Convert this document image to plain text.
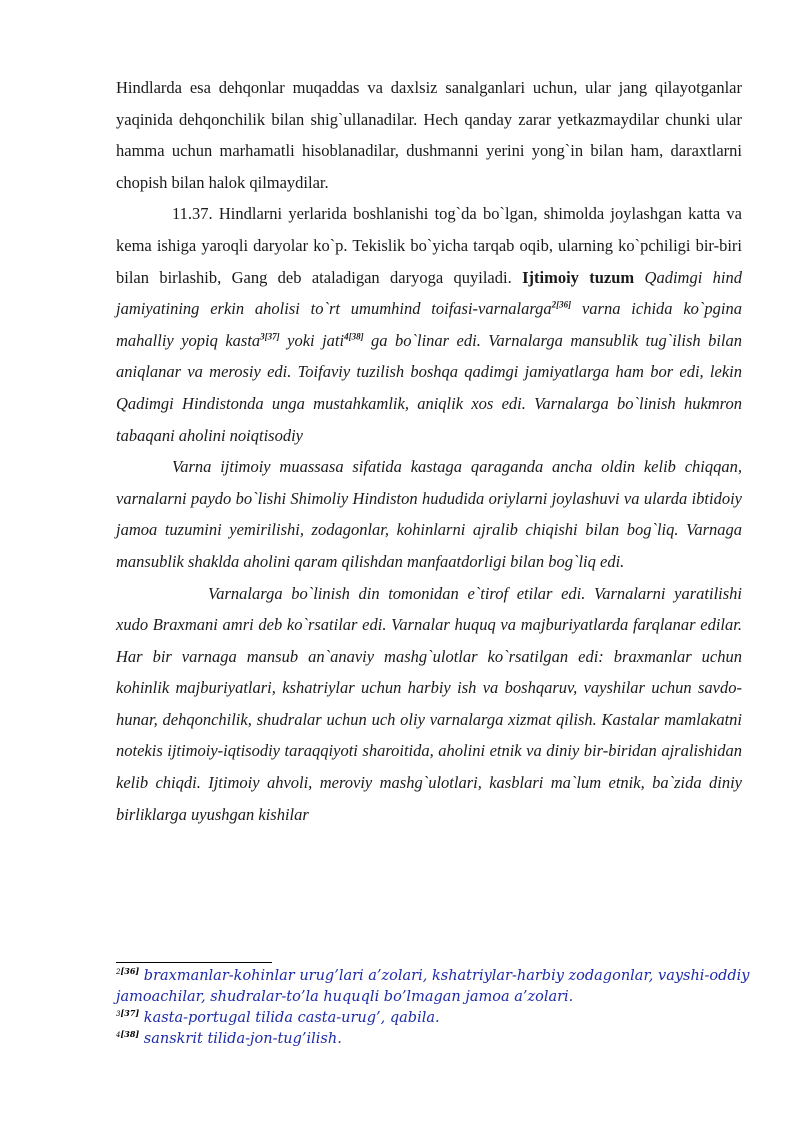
Hindlarda esa dehqonlar muqaddas va daxlsiz sanalganlari uchun, ular jang qilayotganlar yaqinida dehqonchilik bilan shig`ullanadilar. Hech qanday zarar yetkazmaydilar chunki ular hamma uchun marhamatli hisoblanadilar, dushmanni yerini yong`in bilan ham, daraxtlarni chopish bilan halok qilmaydilar.

11.37. Hindlarni yerlarida boshlanishi tog`da bo`lgan, shimolda joylashgan katta va kema ishiga yaroqli daryolar ko`p. Tekislik bo`yicha tarqab oqib, ularning ko`pchiligi bir-biri bilan birlashib, Gang deb ataladigan daryoga quyiladi. Ijtimoiy tuzum Qadimgi hind jamiyatining erkin aholisi to`rt umumhind toifasi-varnalarga$^{2[36]}$ varna ichida ko`pgina mahalliy yopiq kasta$^{3[37]}$ yoki jati$^{4[38]}$ ga bo`linar edi. Varnalarga mansublik tug`ilish bilan aniqlanar va merosiy edi. Toifaviy tuzilish boshqa qadimgi jamiyatlarga ham bor edi, lekin Qadimgi Hindistonda unga mustahkamlik, aniqlik xos edi. Varnalarga bo`linish hukmron tabaqani aholini noiqtisodiy

Varna ijtimoiy muassasa sifatida kastaga qaraganda ancha oldin kelib chiqqan, varnalarni paydo bo`lishi Shimoliy Hindiston hududida oriylarni joylashuvi va ularda ibtidoiy jamoa tuzumini yemirilishi, zodagonlar, kohinlarni ajralib chiqishi bilan bog`liq. Varnaga mansublik shaklda aholini qaram qilishdan manfaatdorligi bilan bog`liq edi.

Varnalarga bo`linish din tomonidan e`tirof etilar edi. Varnalarni yaratilishi xudo Braxmani amri deb ko`rsatilar edi. Varnalar huquq va majburiyatlarda farqlanar edilar. Har bir varnaga mansub an`anaviy mashg`ulotlar ko`rsatilgan edi: braxmanlar uchun kohinlik majburiyatlari, kshatriylar uchun harbiy ish va boshqaruv, vayshilar uchun savdo-hunar, dehqonchilik, shudralar uchun uch oliy varnalarga xizmat qilish. Kastalar mamlakatni notekis ijtimoiy-iqtisodiy taraqqiyoti sharoitida, aholini etnik va diniy bir-biridan ajralishidan kelib chiqdi. Ijtimoiy ahvoli, meroviy mashg`ulotlari, kasblari ma`lum etnik, ba`zida diniy birliklarga uyushgan kishilar

$^{2[36]}$ braxmanlar-kohinlar urug’lari a’zolari, kshatriylar-harbiy zodagonlar, vayshi-oddiy jamoachilar, shudralar-to’la huquqli bo’lmagan jamoa a’zolari.

$^{3[37]}$ kasta-portugal tilida casta-urug’, qabila.

$^{4[38]}$ sanskrit tilida-jon-tug’ilish.
